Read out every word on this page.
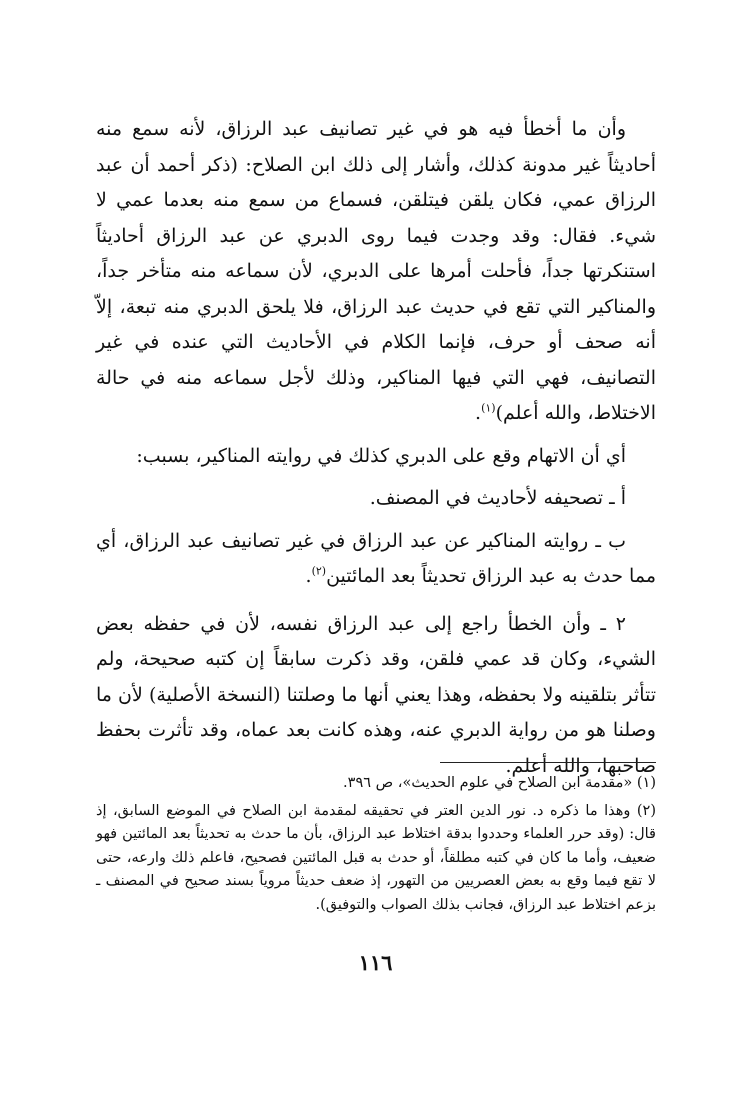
وأن ما أخطأ فيه هو في غير تصانيف عبد الرزاق، لأنه سمع منه أحاديثاً غير مدونة كذلك، وأشار إلى ذلك ابن الصلاح: (ذكر أحمد أن عبد الرزاق عمي، فكان يلقن فيتلقن، فسماع من سمع منه بعدما عمي لا شيء. فقال: وقد وجدت فيما روى الدبري عن عبد الرزاق أحاديثاً استنكرتها جداً، فأحلت أمرها على الدبري، لأن سماعه منه متأخر جداً، والمناكير التي تقع في حديث عبد الرزاق، فلا يلحق الدبري منه تبعة، إلاّ أنه صحف أو حرف، فإنما الكلام في الأحاديث التي عنده في غير التصانيف، فهي التي فيها المناكير، وذلك لأجل سماعه منه في حالة الاختلاط، والله أعلم)$^{(١)}$.

أي أن الاتهام وقع على الدبري كذلك في روايته المناكير، بسبب:

أ ـ تصحيفه لأحاديث في المصنف.

ب ـ روايته المناكير عن عبد الرزاق في غير تصانيف عبد الرزاق، أي مما حدث به عبد الرزاق تحديثاً بعد المائتين$^{(٢)}$.

٢ ـ وأن الخطأ راجع إلى عبد الرزاق نفسه، لأن في حفظه بعض الشيء، وكان قد عمي فلقن، وقد ذكرت سابقاً إن كتبه صحيحة، ولم تتأثر بتلقينه ولا بحفظه، وهذا يعني أنها ما وصلتنا (النسخة الأصلية) لأن ما وصلنا هو من رواية الدبري عنه، وهذه كانت بعد عماه، وقد تأثرت بحفظ صاحبها، والله أعلم.

(١) «مقدمة ابن الصلاح في علوم الحديث»، ص ٣٩٦.

(٢) وهذا ما ذكره د. نور الدين العتر في تحقيقه لمقدمة ابن الصلاح في الموضع السابق، إذ قال: (وقد حرر العلماء وحددوا بدقة اختلاط عبد الرزاق، بأن ما حدث به تحديثاً بعد المائتين فهو ضعيف، وأما ما كان في كتبه مطلقاً، أو حدث به قبل المائتين فصحيح، فاعلم ذلك وارعه، حتى لا تقع فيما وقع به بعض العصريين من التهور، إذ ضعف حديثاً مروياً بسند صحيح في المصنف ـ بزعم اختلاط عبد الرزاق، فجانب بذلك الصواب والتوفيق).

١١٦
